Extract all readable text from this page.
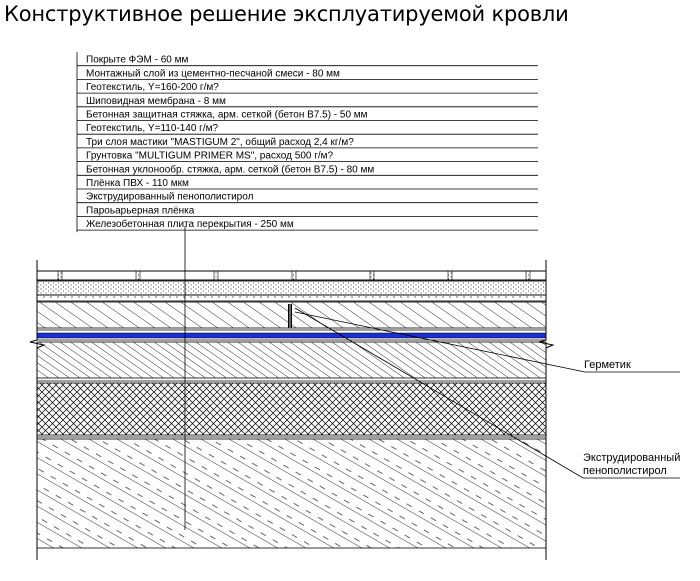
Конструктивное решение эксплуатируемой кровли
Покрыте ФЭМ - 60 мм
Монтажный слой из цементно-песчаной смеси - 80 мм
Геотекстиль, Y=160-200 г/м?
Шиповидная мембрана - 8 мм
Бетонная защитная стяжка, арм. сеткой (бетон В7.5) - 50 мм
Геотекстиль, Y=110-140 г/м?
Три слоя мастики "MASTIGUM 2", общий расход 2,4 кг/м?
Грунтовка "MULTIGUM PRIMER MS", расход 500 г/м?
Бетонная уклонообр. стяжка, арм. сеткой (бетон В7.5) - 80 мм
Плёнка ПВХ - 110 мкм
Экструдированный пенополистирол
Пароьарьерная плёнка
Железобетонная плита перекрытия - 250 мм
Герметик
Экструдированный
пенополистирол
